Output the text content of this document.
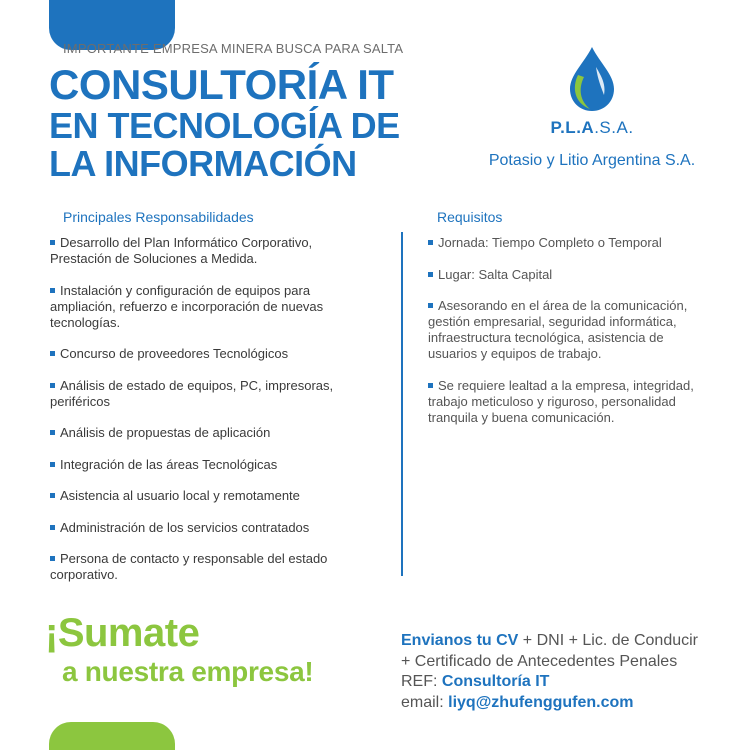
IMPORTANTE EMPRESA MINERA BUSCA PARA SALTA
CONSULTORÍA IT
EN TECNOLOGÍA DE
LA INFORMACIÓN
P.L.A.S.A.
Potasio y Litio Argentina S.A.
Principales Responsabilidades	Requisitos
Desarrollo del Plan Informático Corporativo, Prestación de Soluciones a Medida.
Instalación y configuración de equipos para ampliación, refuerzo e incorporación de nuevas tecnologías.
Concurso de proveedores Tecnológicos
Análisis de estado de equipos, PC, impresoras, periféricos
Análisis de propuestas de aplicación
Integración de las áreas Tecnológicas
Asistencia al usuario local y remotamente
Administración de los servicios contratados
Persona de contacto y responsable del estado corporativo.
Jornada: Tiempo Completo o Temporal
Lugar: Salta Capital
Asesorando en el área de la comunicación, gestión empresarial, seguridad informática, infraestructura tecnológica, asistencia de usuarios y equipos de trabajo.
Se requiere lealtad a la empresa, integridad, trabajo meticuloso y riguroso, personalidad tranquila y buena comunicación.
¡Sumate
a nuestra empresa!
Envianos tu CV + DNI + Lic. de Conducir
+ Certificado de Antecedentes Penales
REF: Consultoría IT
email: liyq@zhufenggufen.com
